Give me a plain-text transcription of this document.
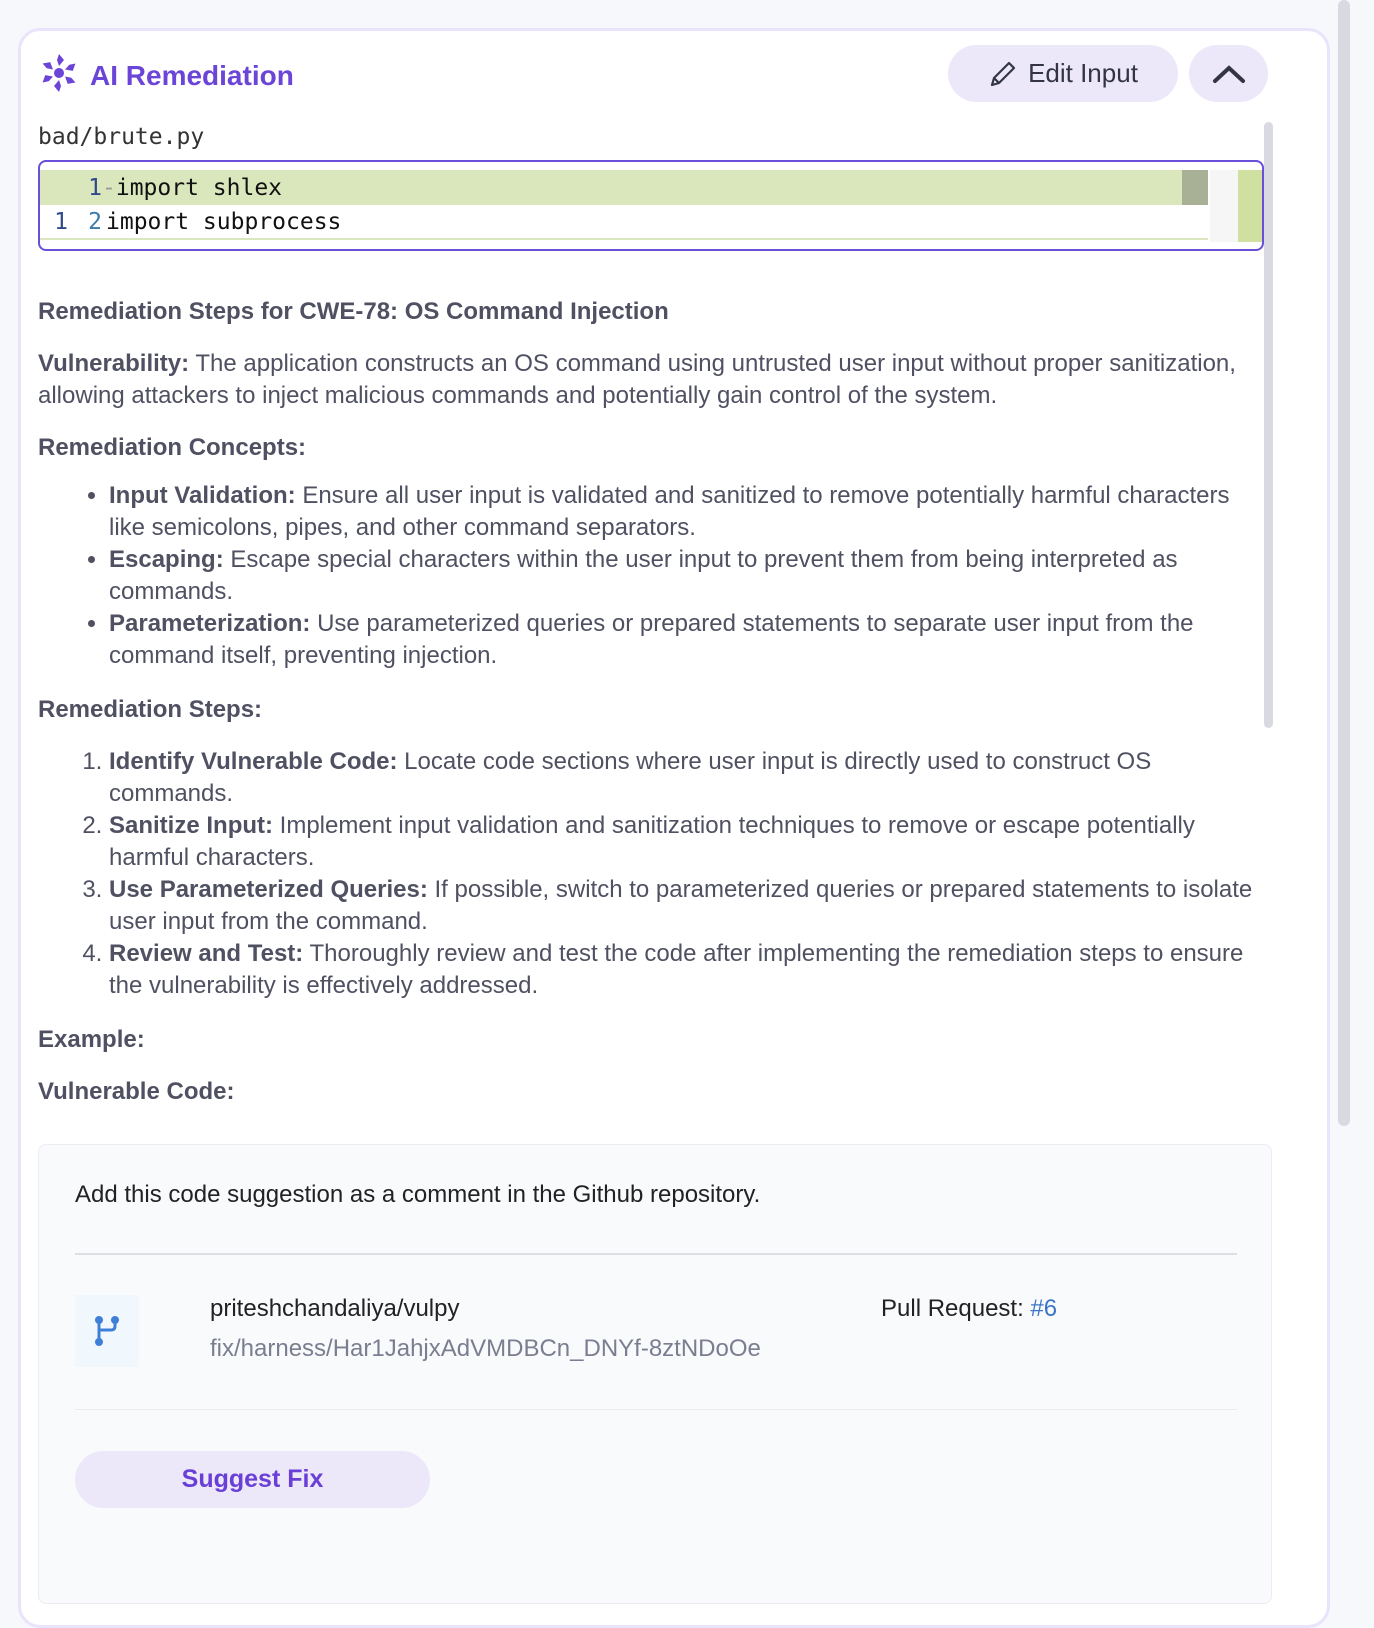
AI Remediation	Edit Input
bad/brute.py
1 - import shlex
1 2 import subprocess
Remediation Steps for CWE-78: OS Command Injection

Vulnerability: The application constructs an OS command using untrusted user input without proper sanitization, allowing attackers to inject malicious commands and potentially gain control of the system.

Remediation Concepts:
• Input Validation: Ensure all user input is validated and sanitized to remove potentially harmful characters like semicolons, pipes, and other command separators.
• Escaping: Escape special characters within the user input to prevent them from being interpreted as commands.
• Parameterization: Use parameterized queries or prepared statements to separate user input from the command itself, preventing injection.
Remediation Steps:
1. Identify Vulnerable Code: Locate code sections where user input is directly used to construct OS commands.
2. Sanitize Input: Implement input validation and sanitization techniques to remove or escape potentially harmful characters.
3. Use Parameterized Queries: If possible, switch to parameterized queries or prepared statements to isolate user input from the command.
4. Review and Test: Thoroughly review and test the code after implementing the remediation steps to ensure the vulnerability is effectively addressed.
Example:
Vulnerable Code:
Add this code suggestion as a comment in the Github repository.
priteshchandaliya/vulpy
fix/harness/Har1JahjxAdVMDBCn_DNYf-8ztNDoOe
Pull Request: #6
Suggest Fix
